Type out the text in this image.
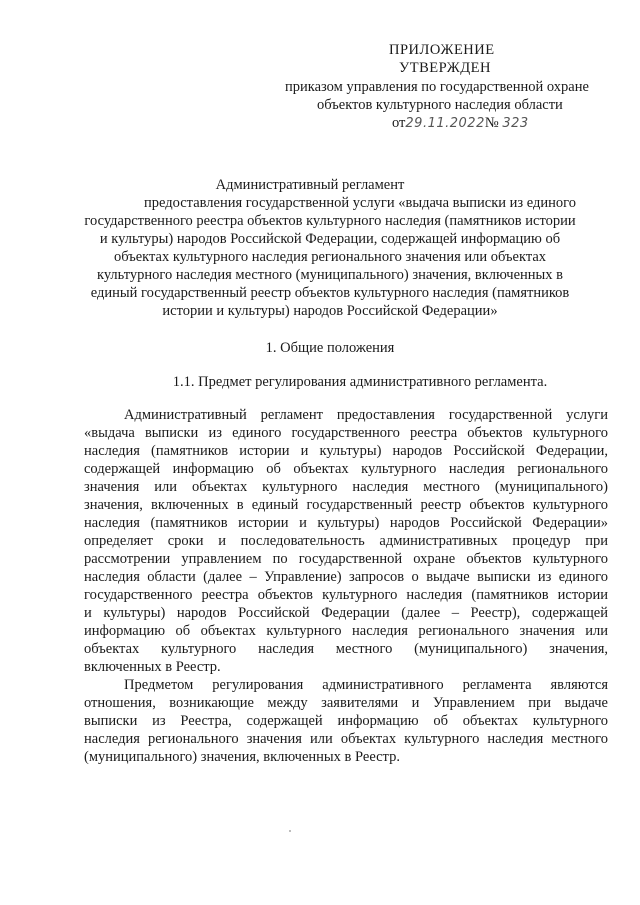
ПРИЛОЖЕНИЕ
УТВЕРЖДЕН
приказом управления по государственной охране
объектов культурного наследия области
от29.11.2022№ 323
Административный регламент
предоставления государственной услуги «выдача выписки из единого
государственного реестра объектов культурного наследия (памятников истории
и культуры) народов Российской Федерации, содержащей информацию об
объектах культурного наследия регионального значения или объектах
культурного наследия местного (муниципального) значения, включенных в
единый государственный реестр объектов культурного наследия (памятников
истории и культуры) народов Российской Федерации»
1. Общие положения
1.1. Предмет регулирования административного регламента.
Административный регламент предоставления государственной услуги
«выдача выписки из единого государственного реестра объектов культурного
наследия (памятников истории и культуры) народов Российской Федерации,
содержащей информацию об объектах культурного наследия регионального
значения или объектах культурного наследия местного (муниципального)
значения, включенных в единый государственный реестр объектов культурного
наследия (памятников истории и культуры) народов Российской Федерации»
определяет сроки и последовательность административных процедур при
рассмотрении управлением по государственной охране объектов культурного
наследия области (далее – Управление) запросов о выдаче выписки из единого
государственного реестра объектов культурного наследия (памятников истории
и культуры) народов Российской Федерации (далее – Реестр), содержащей
информацию об объектах культурного наследия регионального значения или
объектах культурного наследия местного (муниципального) значения,
включенных в Реестр.
Предметом регулирования административного регламента являются
отношения, возникающие между заявителями и Управлением при выдаче
выписки из Реестра, содержащей информацию об объектах культурного
наследия регионального значения или объектах культурного наследия местного
(муниципального) значения, включенных в Реестр.
